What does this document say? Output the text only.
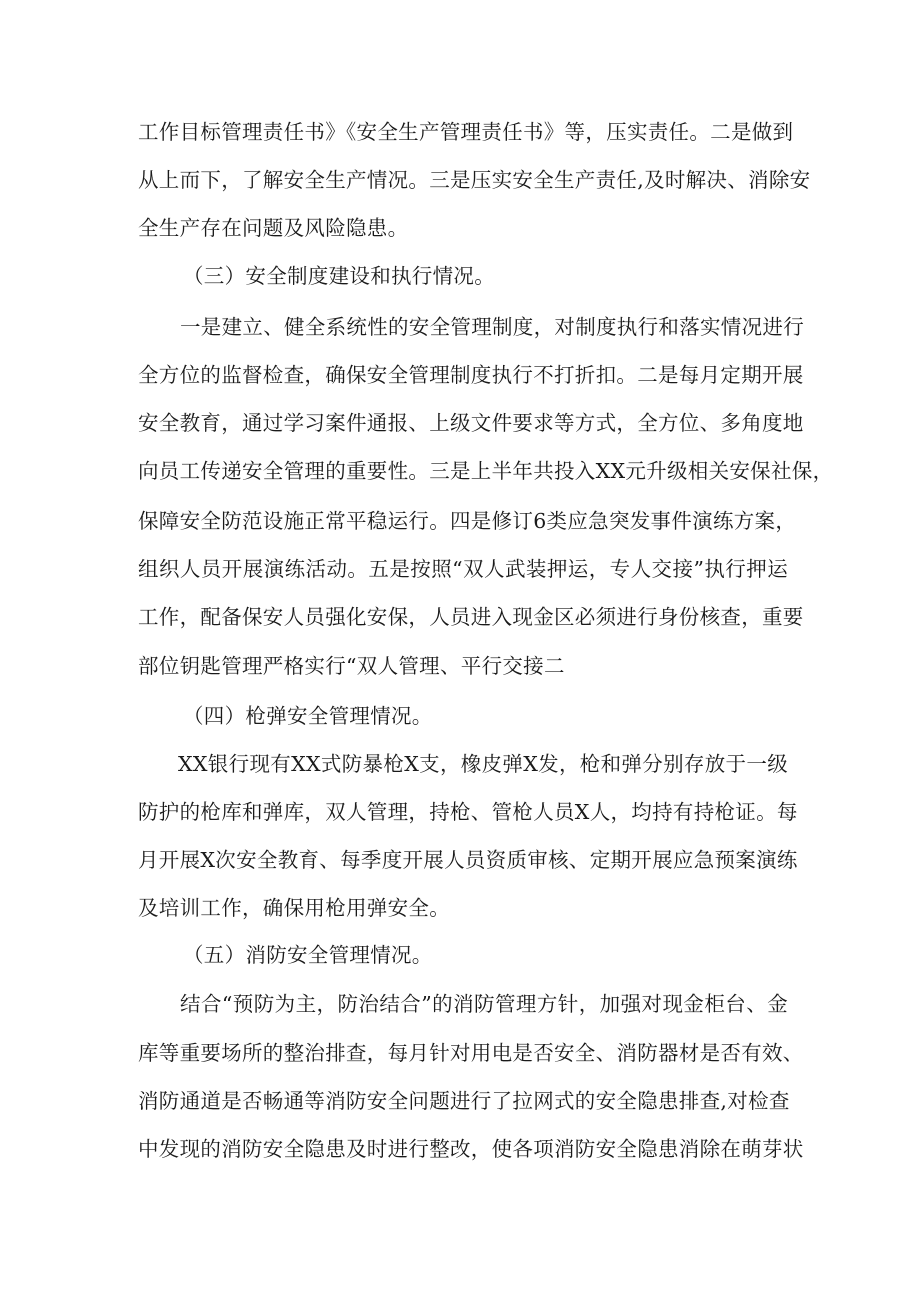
工作目标管理责任书》《安全生产管理责任书》等，压实责任。二是做到
从上而下，了解安全生产情况。三是压实安全生产责任,及时解决、消除安
全生产存在问题及风险隐患。
（三）安全制度建设和执行情况。
一是建立、健全系统性的安全管理制度，对制度执行和落实情况进行
全方位的监督检查，确保安全管理制度执行不打折扣。二是每月定期开展
安全教育，通过学习案件通报、上级文件要求等方式，全方位、多角度地
向员工传递安全管理的重要性。三是上半年共投入XX元升级相关安保社保，
保障安全防范设施正常平稳运行。四是修订6类应急突发事件演练方案，
组织人员开展演练活动。五是按照“双人武装押运，专人交接”执行押运
工作，配备保安人员强化安保，人员进入现金区必须进行身份核查，重要
部位钥匙管理严格实行“双人管理、平行交接二
（四）枪弹安全管理情况。
XX银行现有XX式防暴枪X支，橡皮弹X发，枪和弹分别存放于一级
防护的枪库和弹库，双人管理，持枪、管枪人员X人，均持有持枪证。每
月开展X次安全教育、每季度开展人员资质审核、定期开展应急预案演练
及培训工作，确保用枪用弹安全。
（五）消防安全管理情况。
结合“预防为主，防治结合”的消防管理方针，加强对现金柜台、金
库等重要场所的整治排查，每月针对用电是否安全、消防器材是否有效、
消防通道是否畅通等消防安全问题进行了拉网式的安全隐患排查,对检查
中发现的消防安全隐患及时进行整改，使各项消防安全隐患消除在萌芽状
